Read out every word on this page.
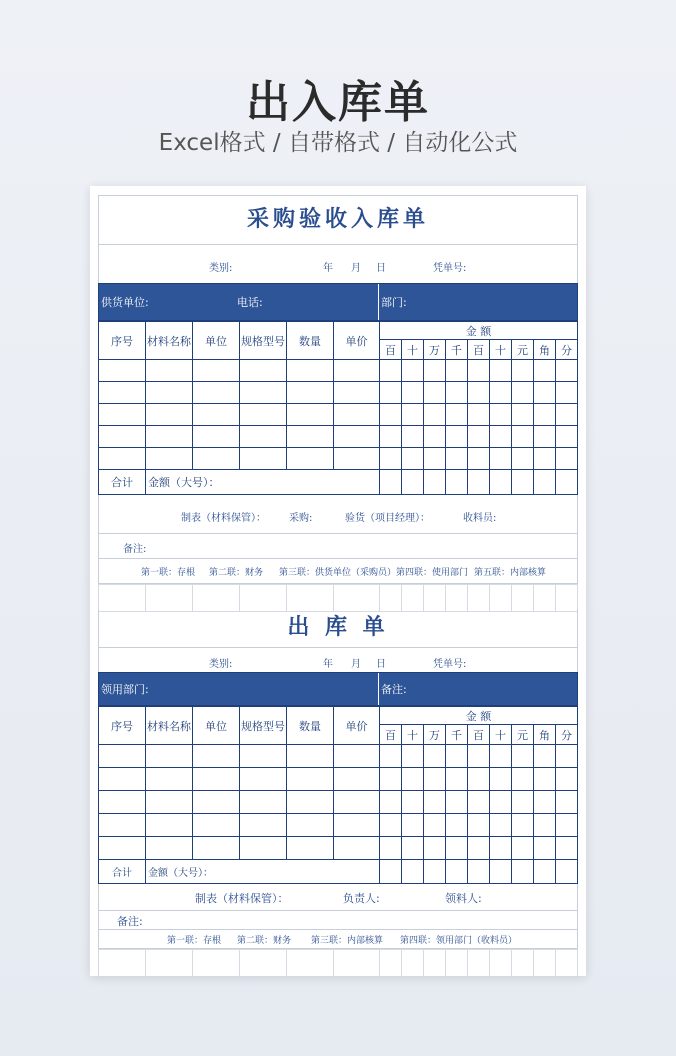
出入库单
Excel格式 / 自带格式 / 自动化公式
采购验收入库单
类别:	年 月 日	凭单号:
供货单位:	电话:	部门:
序号	材料名称	单位	规格型号	数量	单价	金 额								
						百	十	万	千	百	十	元	角	分

合计	金额（大号）：													
制表（材料保管）： 采购:	验货（项目经理）：	收料员:
备注:
第一联：存根 第二联：财务 第三联：供货单位（采购员） 第四联：使用部门 第五联：内部核算

出 库 单
类别:	年 月 日	凭单号:
领用部门:	备注:
序号	材料名称	单位	规格型号	数量	单价	金 额								
						百	十	万	千	百	十	元	角	分

合计	金额（大号）：													
制表（材料保管）：	负责人:	领料人:
备注:
第一联：存根 第二联：财务 第三联：内部核算 第四联：领用部门（收料员）
